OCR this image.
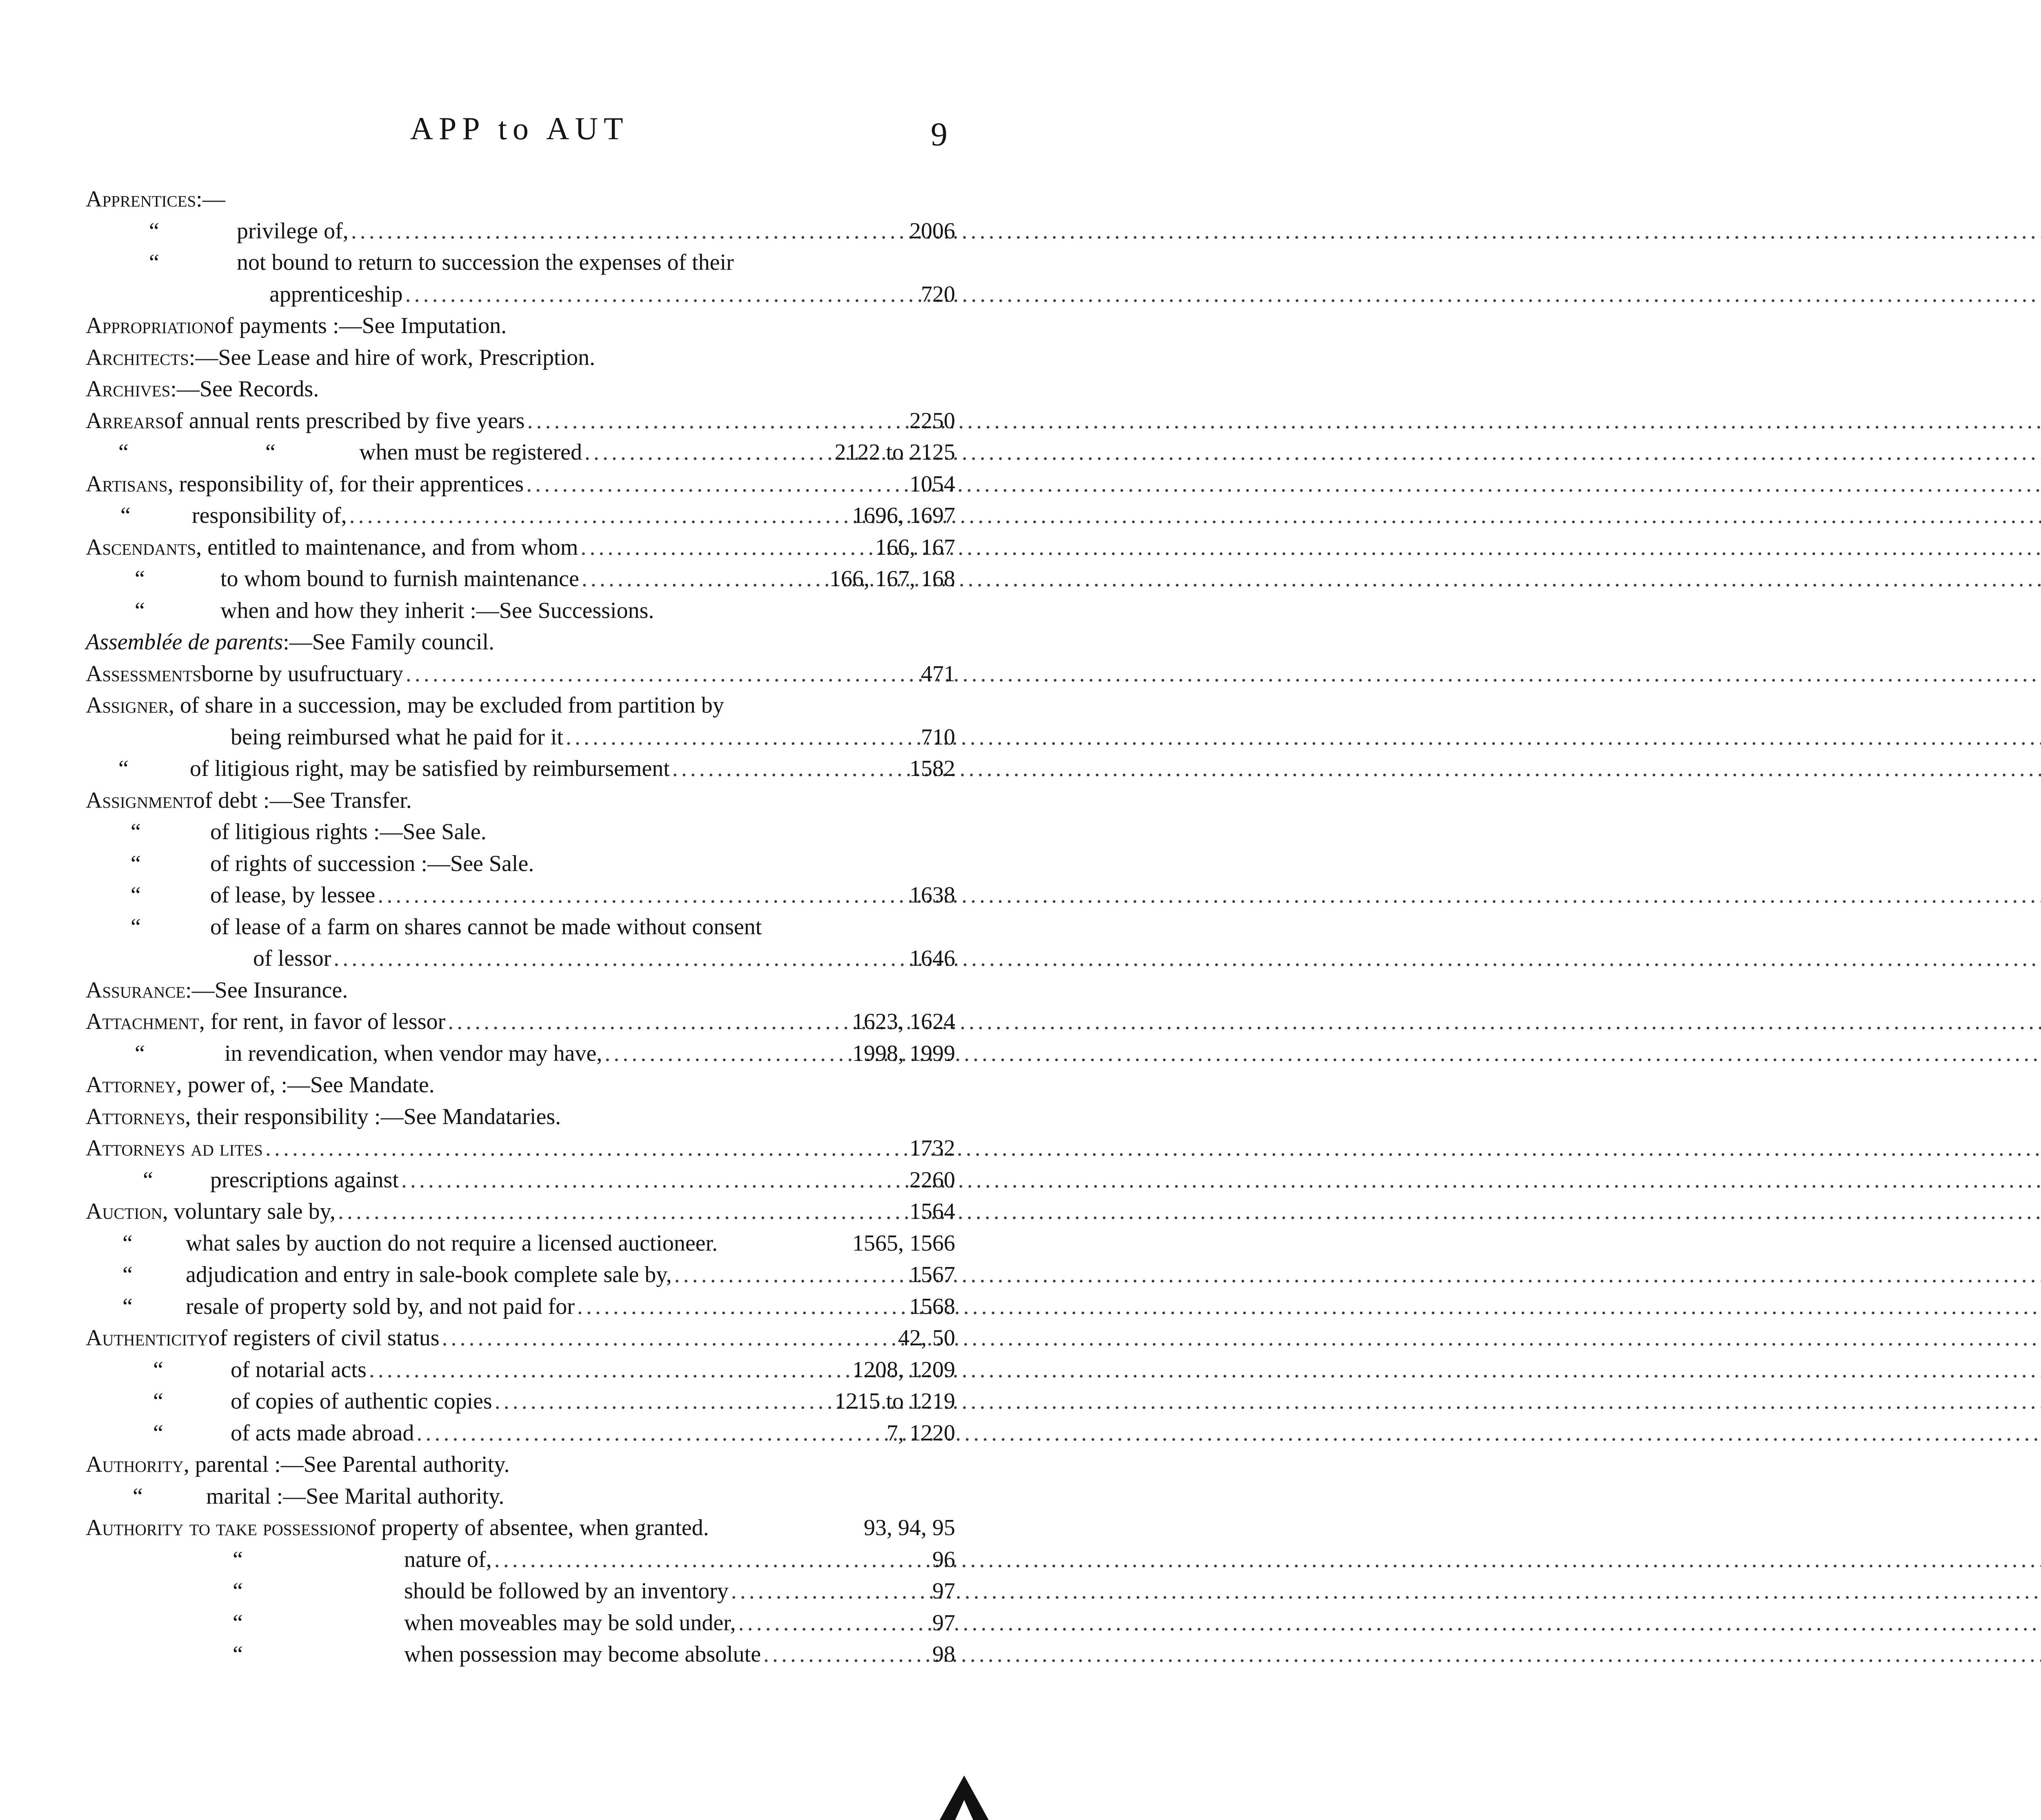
APP to AUT	9
Apprentices :—
“	privilege of, .....	2006
“	not bound to return to succession the expenses of their
apprenticeship .....	720
Appropriation of payments :—See Imputation.
Architects :—See Lease and hire of work, Prescription.
Archives :—See Records.
Arrears of annual rents prescribed by five years .....	2250
“	“	when must be registered .....	2122 to 2125
Artisans , responsibility of, for their apprentices .....	1054
“	responsibility of, .....	1696, 1697
Ascendants , entitled to maintenance, and from whom .....	166, 167
“	to whom bound to furnish maintenance .....	166, 167, 168
“	when and how they inherit :—See Successions.
Assemblée de parents :—See Family council.
Assessments borne by usufructuary .....	471
Assigner , of share in a succession, may be excluded from partition by
being reimbursed what he paid for it .....	710
“	of litigious right, may be satisfied by reimbursement .....	1582
Assignment of debt :—See Transfer.
“	of litigious rights :—See Sale.
“	of rights of succession :—See Sale.
“	of lease, by lessee .....	1638
“	of lease of a farm on shares cannot be made without consent
of lessor .....	1646
Assurance :—See Insurance.
Attachment , for rent, in favor of lessor .....	1623, 1624
“	in revendication, when vendor may have, .....	1998, 1999
Attorney , power of, :—See Mandate.
Attorneys , their responsibility :—See Mandataries.
Attorneys ad lites .....	1732
“	prescriptions against .....	2260
Auction , voluntary sale by, .....	1564
“	what sales by auction do not require a licensed auctioneer.	1565, 1566
“	adjudication and entry in sale-book complete sale by, .....	1567
“	resale of property sold by, and not paid for .....	1568
Authenticity of registers of civil status .....	42, 50
“	of notarial acts .....	1208, 1209
“	of copies of authentic copies .....	1215 to 1219
“	of acts made abroad .....	7, 1220
Authority , parental :—See Parental authority.
“	marital :—See Marital authority.
Authority to take possession of property of absentee, when granted.	93, 94, 95
“	nature of, .....	96
“	should be followed by an inventory .....	97
“	when moveables may be sold under, .....	97
“	when possession may become absolute .....	98
